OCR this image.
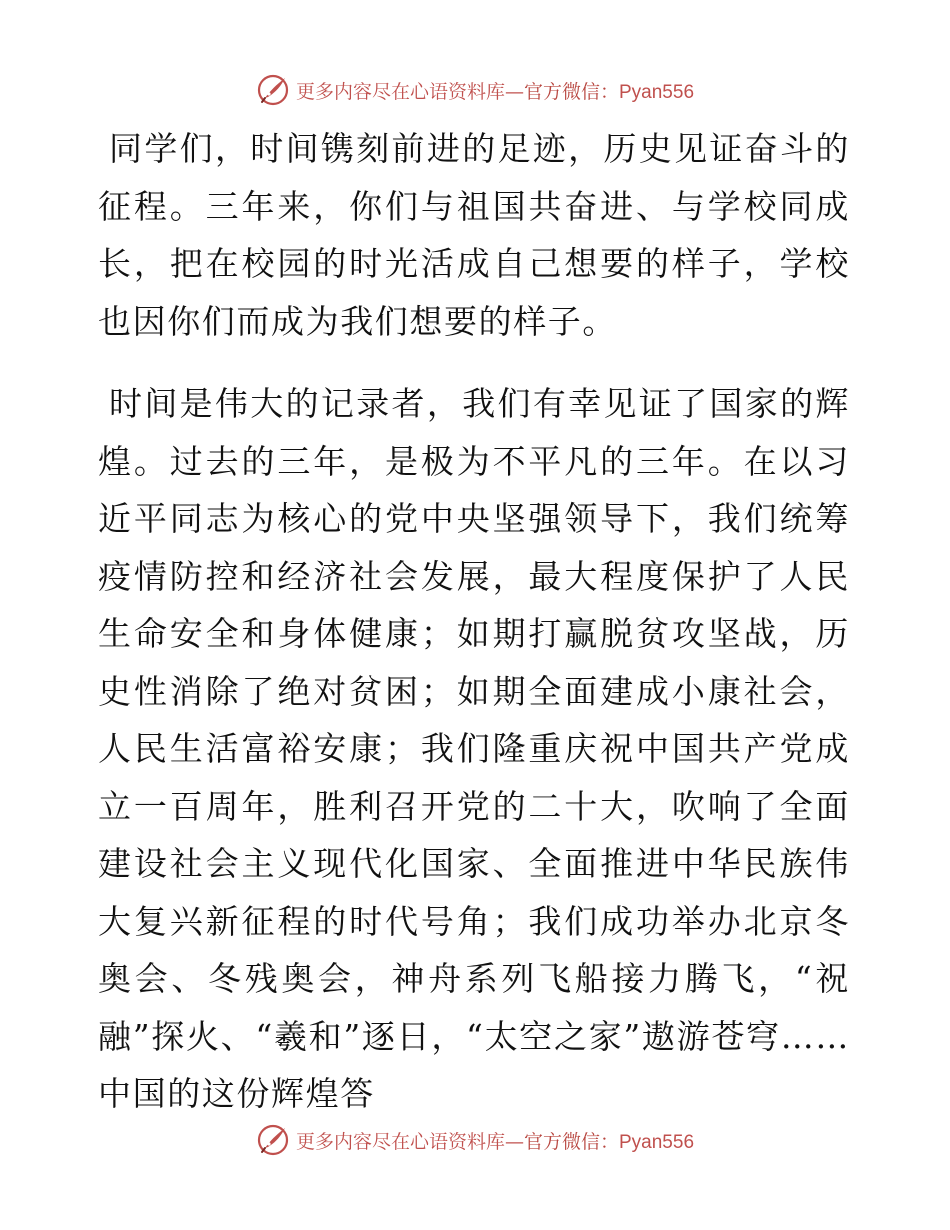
更多内容尽在心语资料库—官方微信：Pyan556

同学们，时间镌刻前进的足迹，历史见证奋斗的征程。三年来，你们与祖国共奋进、与学校同成长，把在校园的时光活成自己想要的样子，学校也因你们而成为我们想要的样子。

时间是伟大的记录者，我们有幸见证了国家的辉煌。过去的三年，是极为不平凡的三年。在以习近平同志为核心的党中央坚强领导下，我们统筹疫情防控和经济社会发展，最大程度保护了人民生命安全和身体健康；如期打赢脱贫攻坚战，历史性消除了绝对贫困；如期全面建成小康社会，人民生活富裕安康；我们隆重庆祝中国共产党成立一百周年，胜利召开党的二十大，吹响了全面建设社会主义现代化国家、全面推进中华民族伟大复兴新征程的时代号角；我们成功举办北京冬奥会、冬残奥会，神舟系列飞船接力腾飞，“祝融”探火、“羲和”逐日，“太空之家”遨游苍穹……中国的这份辉煌答

更多内容尽在心语资料库—官方微信：Pyan556
